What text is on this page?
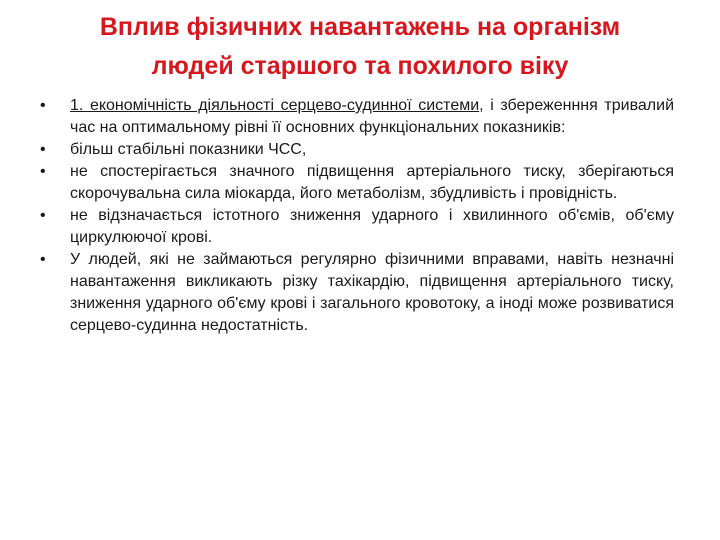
Вплив фізичних навантажень на організм
людей старшого та похилого віку
•	1. економічність діяльності серцево-судинної системи, і збереженння тривалий час на оптимальному рівні її основних функціональних показників:
•	більш стабільні показники ЧСС,
•	не спостерігається значного підвищення артеріального тиску, зберігаються скорочувальна сила міокарда, його метаболізм, збудливість і провідність.
•	не відзначається істотного зниження ударного і хвилинного об'ємів, об'єму циркулюючої крові.
•	У людей, які не займаються регулярно фізичними вправами, навіть незначні навантаження викликають різку тахікардію, підвищення артеріального тиску, зниження ударного об'єму крові і загального кровотоку, а іноді може розвиватися серцево-судинна недостатність.
